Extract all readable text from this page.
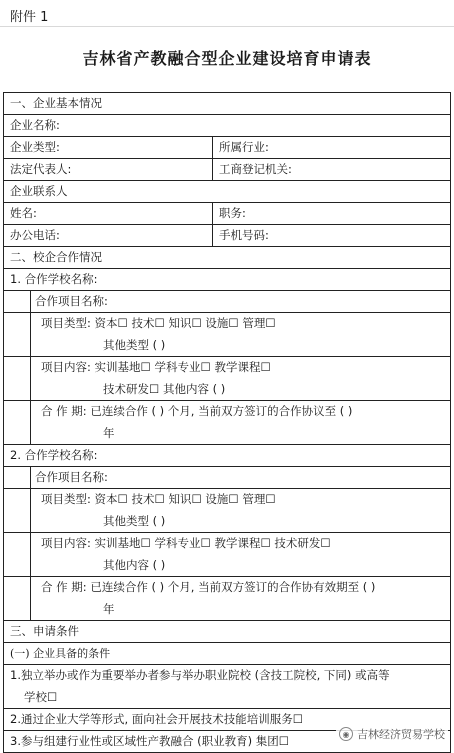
附件 1
吉林省产教融合型企业建设培育申请表
一、企业基本情况
企业名称:
企业类型:	所属行业:
法定代表人:	工商登记机关:
企业联系人
姓名:	职务:
办公电话:	手机号码:
二、校企合作情况
1. 合作学校名称:
合作项目名称:
项目类型: 资本☐ 技术☐ 知识☐ 设施☐ 管理☐
其他类型 ( )
项目内容: 实训基地☐ 学科专业☐ 教学课程☐
技术研发☐ 其他内容 ( )
合 作 期: 已连续合作 ( ) 个月, 当前双方签订的合作协议至 ( )
年
2. 合作学校名称:
合作项目名称:
项目类型: 资本☐ 技术☐ 知识☐ 设施☐ 管理☐
其他类型 ( )
项目内容: 实训基地☐ 学科专业☐ 教学课程☐ 技术研发☐
其他内容 ( )
合 作 期: 已连续合作 ( ) 个月, 当前双方签订的合作协有效期至 ( )
年
三、申请条件
(一) 企业具备的条件
1.独立举办或作为重要举办者参与举办职业院校 (含技工院校, 下同) 或高等
学校☐
2.通过企业大学等形式, 面向社会开展技术技能培训服务☐
3.参与组建行业性或区域性产教融合 (职业教育) 集团☐	◉ 吉林经济贸易学校
